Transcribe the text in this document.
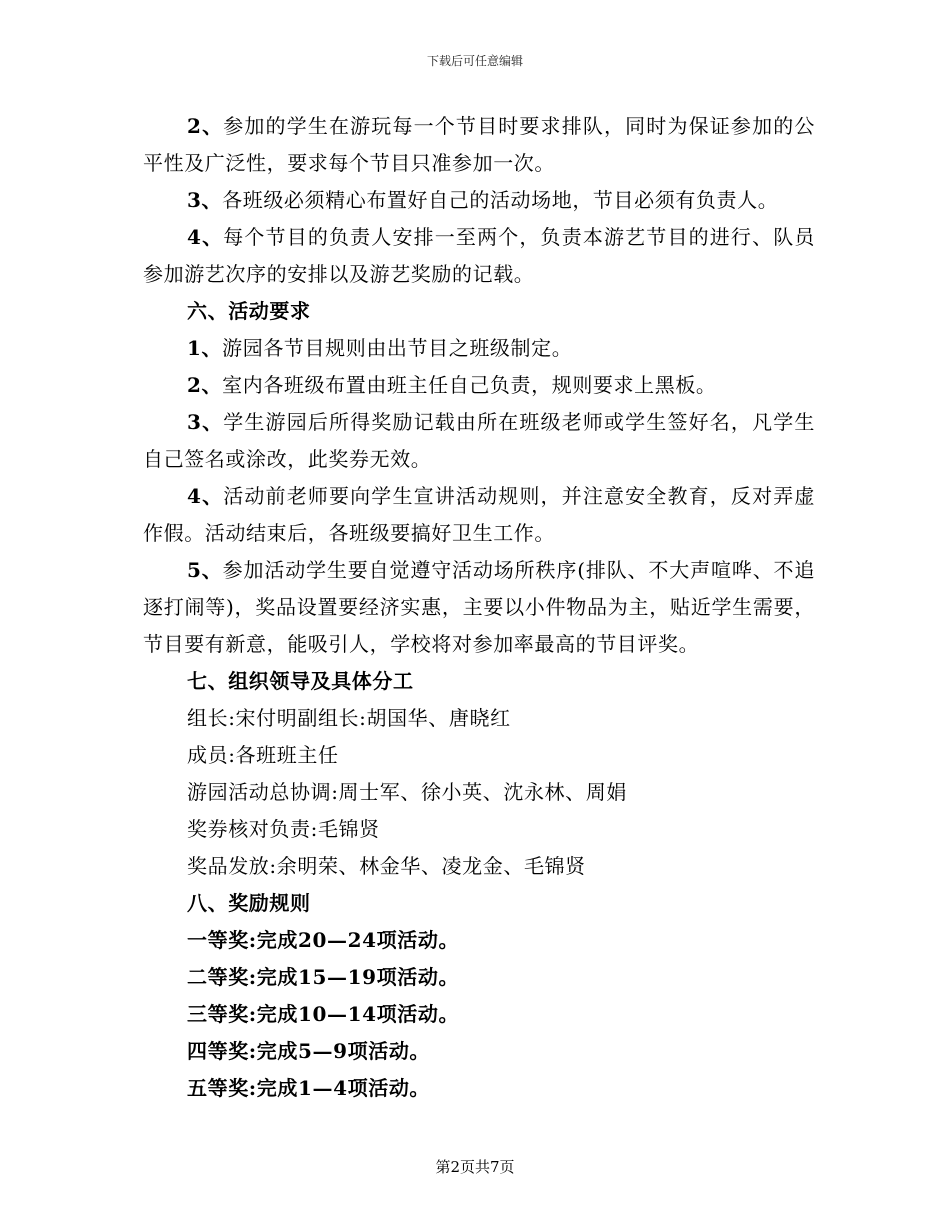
下载后可任意编辑

2、参加的学生在游玩每一个节目时要求排队，同时为保证参加的公平性及广泛性，要求每个节目只准参加一次。

3、各班级必须精心布置好自己的活动场地，节目必须有负责人。

4、每个节目的负责人安排一至两个，负责本游艺节目的进行、队员参加游艺次序的安排以及游艺奖励的记载。

六、活动要求

1、游园各节目规则由出节目之班级制定。

2、室内各班级布置由班主任自己负责，规则要求上黑板。

3、学生游园后所得奖励记载由所在班级老师或学生签好名，凡学生自己签名或涂改，此奖券无效。

4、活动前老师要向学生宣讲活动规则，并注意安全教育，反对弄虚作假。活动结束后，各班级要搞好卫生工作。

5、参加活动学生要自觉遵守活动场所秩序(排队、不大声喧哗、不追逐打闹等)，奖品设置要经济实惠，主要以小件物品为主，贴近学生需要，节目要有新意，能吸引人，学校将对参加率最高的节目评奖。

七、组织领导及具体分工

组长:宋付明副组长:胡国华、唐晓红

成员:各班班主任

游园活动总协调:周士军、徐小英、沈永林、周娟

奖券核对负责:毛锦贤

奖品发放:余明荣、林金华、凌龙金、毛锦贤

八、奖励规则

一等奖:完成20—24项活动。

二等奖:完成15—19项活动。

三等奖:完成10—14项活动。

四等奖:完成5—9项活动。

五等奖:完成1—4项活动。

第2页共7页
